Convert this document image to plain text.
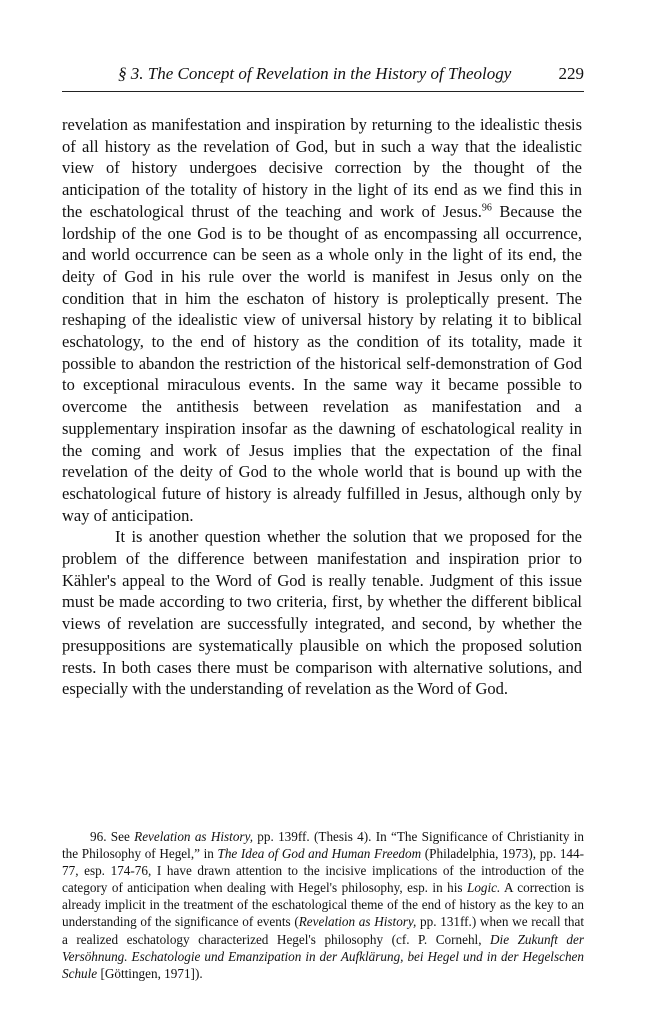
§ 3. The Concept of Revelation in the History of Theology	229

revelation as manifestation and inspiration by returning to the idealistic thesis of all history as the revelation of God, but in such a way that the idealistic view of history undergoes decisive correction by the thought of the anticipation of the totality of history in the light of its end as we find this in the eschatological thrust of the teaching and work of Jesus.$^{96}$ Because the lordship of the one God is to be thought of as encompassing all occurrence, and world occurrence can be seen as a whole only in the light of its end, the deity of God in his rule over the world is manifest in Jesus only on the condition that in him the eschaton of history is proleptically present. The reshaping of the idealistic view of universal history by relating it to biblical eschatology, to the end of history as the condition of its totality, made it possible to abandon the restriction of the historical self-demonstration of God to exceptional miraculous events. In the same way it became possible to overcome the antithesis between revelation as manifestation and a supplementary inspiration insofar as the dawning of eschatological reality in the coming and work of Jesus implies that the expectation of the final revelation of the deity of God to the whole world that is bound up with the eschatological future of history is already fulfilled in Jesus, although only by way of anticipation.

It is another question whether the solution that we proposed for the problem of the difference between manifestation and inspiration prior to Kähler's appeal to the Word of God is really tenable. Judgment of this issue must be made according to two criteria, first, by whether the different biblical views of revelation are successfully integrated, and second, by whether the presuppositions are systematically plausible on which the proposed solution rests. In both cases there must be comparison with alternative solutions, and especially with the understanding of revelation as the Word of God.

96. See Revelation as History, pp. 139ff. (Thesis 4). In “The Significance of Christianity in the Philosophy of Hegel,” in The Idea of God and Human Freedom (Philadelphia, 1973), pp. 144-77, esp. 174-76, I have drawn attention to the incisive implications of the introduction of the category of anticipation when dealing with Hegel's philosophy, esp. in his Logic. A correction is already implicit in the treatment of the eschatological theme of the end of history as the key to an understanding of the significance of events (Revelation as History, pp. 131ff.) when we recall that a realized eschatology characterized Hegel's philosophy (cf. P. Cornehl, Die Zukunft der Versöhnung. Eschatologie und Emanzipation in der Aufklärung, bei Hegel und in der Hegelschen Schule [Göttingen, 1971]).
